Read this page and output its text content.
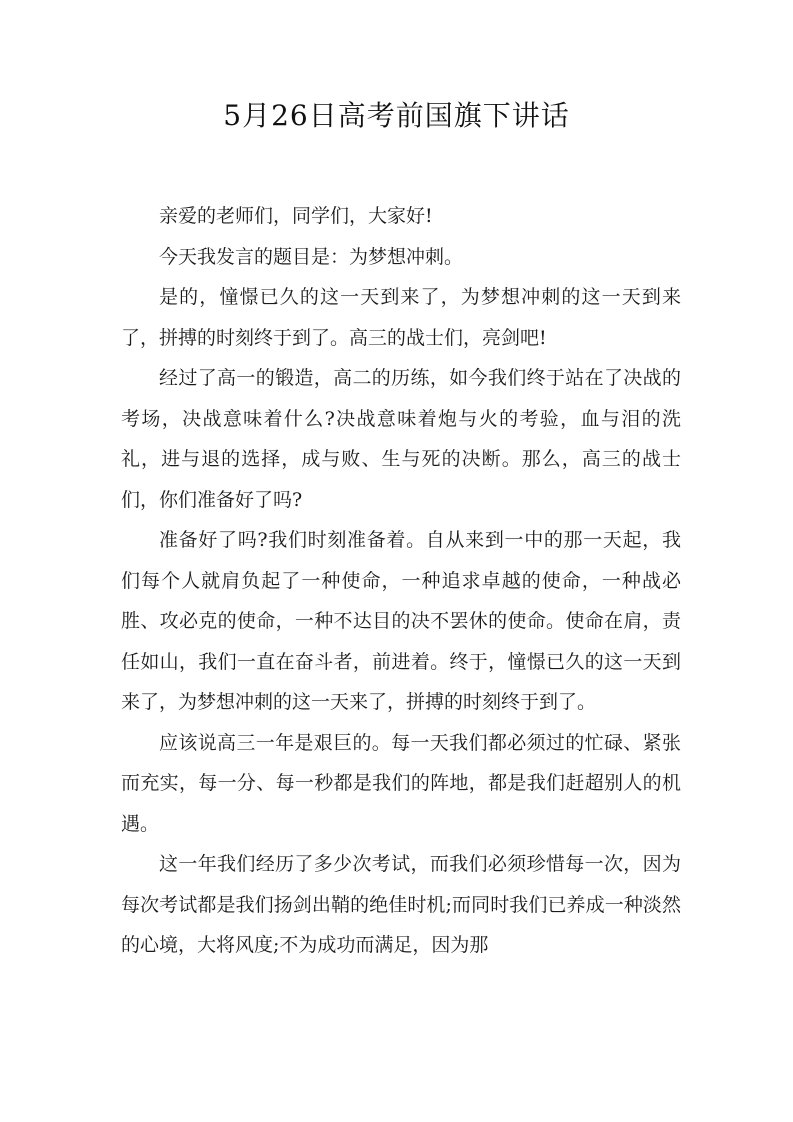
5月26日高考前国旗下讲话

亲爱的老师们，同学们，大家好!

今天我发言的题目是：为梦想冲刺。

是的，憧憬已久的这一天到来了，为梦想冲刺的这一天到来了，拼搏的时刻终于到了。高三的战士们，亮剑吧!

经过了高一的锻造，高二的历练，如今我们终于站在了决战的考场，决战意味着什么?决战意味着炮与火的考验，血与泪的洗礼，进与退的选择，成与败、生与死的决断。那么，高三的战士们，你们准备好了吗?

准备好了吗?我们时刻准备着。自从来到一中的那一天起，我们每个人就肩负起了一种使命，一种追求卓越的使命，一种战必胜、攻必克的使命，一种不达目的决不罢休的使命。使命在肩，责任如山，我们一直在奋斗者，前进着。终于，憧憬已久的这一天到来了，为梦想冲刺的这一天来了，拼搏的时刻终于到了。

应该说高三一年是艰巨的。每一天我们都必须过的忙碌、紧张而充实，每一分、每一秒都是我们的阵地，都是我们赶超别人的机遇。

这一年我们经历了多少次考试，而我们必须珍惜每一次，因为每次考试都是我们扬剑出鞘的绝佳时机;而同时我们已养成一种淡然的心境，大将风度;不为成功而满足，因为那
